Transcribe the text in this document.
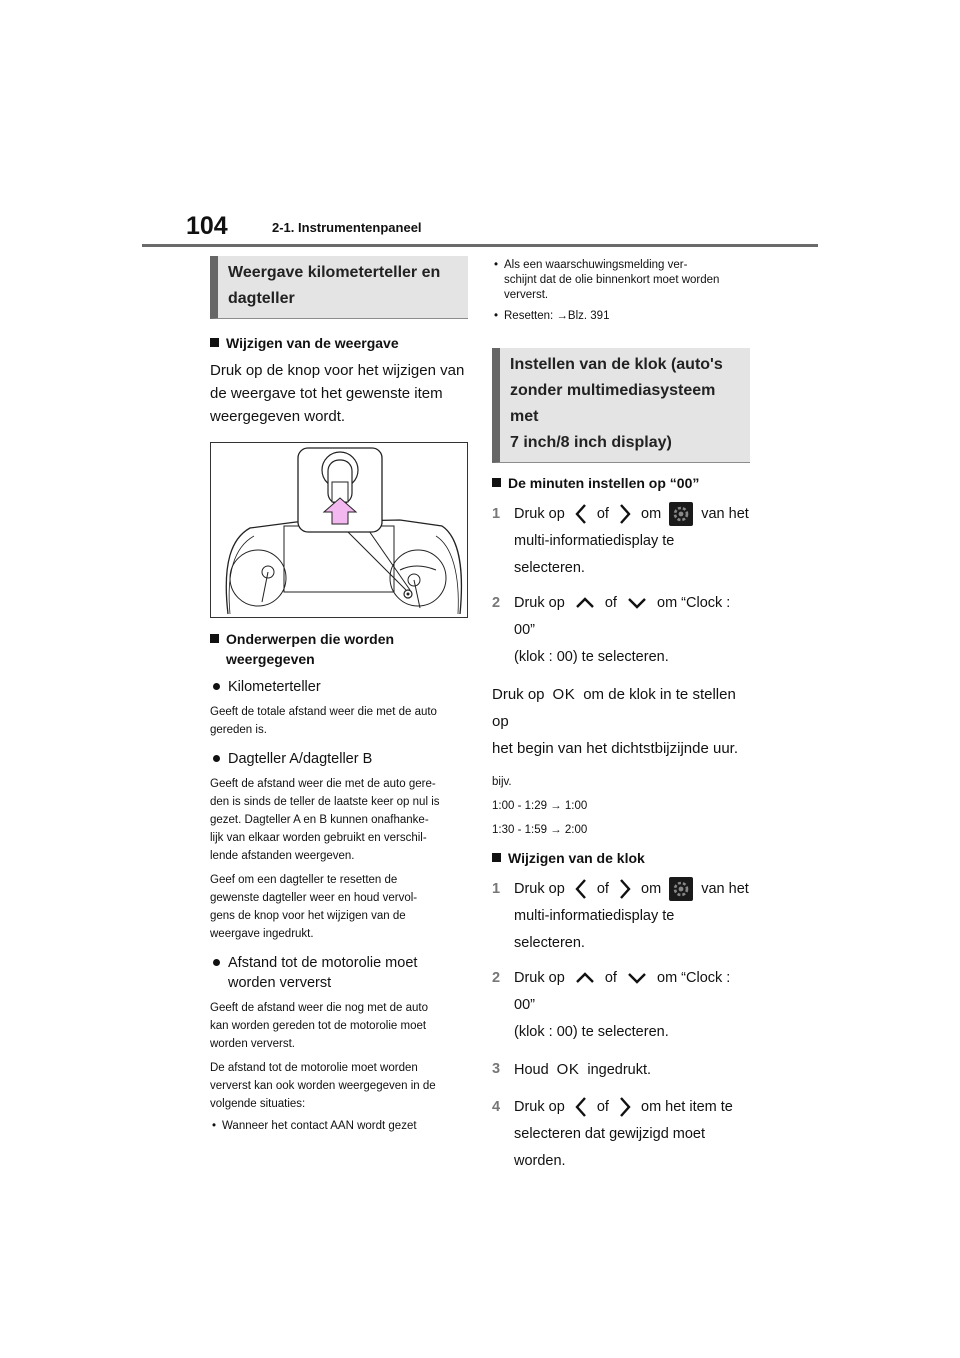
104	2-1. Instrumentenpaneel
Weergave kilometerteller en
dagteller
Wijzigen van de weergave
Druk op de knop voor het wijzigen van
de weergave tot het gewenste item
weergegeven wordt.
Onderwerpen die worden
weergegeven
Kilometerteller
Geeft de totale afstand weer die met de auto
gereden is.
Dagteller A/dagteller B
Geeft de afstand weer die met de auto gere-
den is sinds de teller de laatste keer op nul is
gezet. Dagteller A en B kunnen onafhanke-
lijk van elkaar worden gebruikt en verschil-
lende afstanden weergeven.
Geef om een dagteller te resetten de
gewenste dagteller weer en houd vervol-
gens de knop voor het wijzigen van de
weergave ingedrukt.
Afstand tot de motorolie moet
worden ververst
Geeft de afstand weer die nog met de auto
kan worden gereden tot de motorolie moet
worden ververst.
De afstand tot de motorolie moet worden
ververst kan ook worden weergegeven in de
volgende situaties:
• Wanneer het contact AAN wordt gezet
• Als een waarschuwingsmelding ver-
schijnt dat de olie binnenkort moet worden
ververst.
• Resetten: →Blz. 391
Instellen van de klok (auto's
zonder multimediasysteem met
7 inch/8 inch display)
De minuten instellen op “00”
1 Druk op of om	van het
multi-informatiedisplay te
selecteren.
2 Druk op	of	om “Clock : 00”
(klok : 00) te selecteren.
Druk op OK om de klok in te stellen op
het begin van het dichtstbijzijnde uur.
bijv.
1:00 - 1:29 → 1:00
1:30 - 1:59 → 2:00
Wijzigen van de klok
1 Druk op of om	van het
multi-informatiedisplay te
selecteren.
2 Druk op	of	om “Clock : 00”
(klok : 00) te selecteren.
3 Houd OK ingedrukt.
4 Druk op of om het item te
selecteren dat gewijzigd moet
worden.
